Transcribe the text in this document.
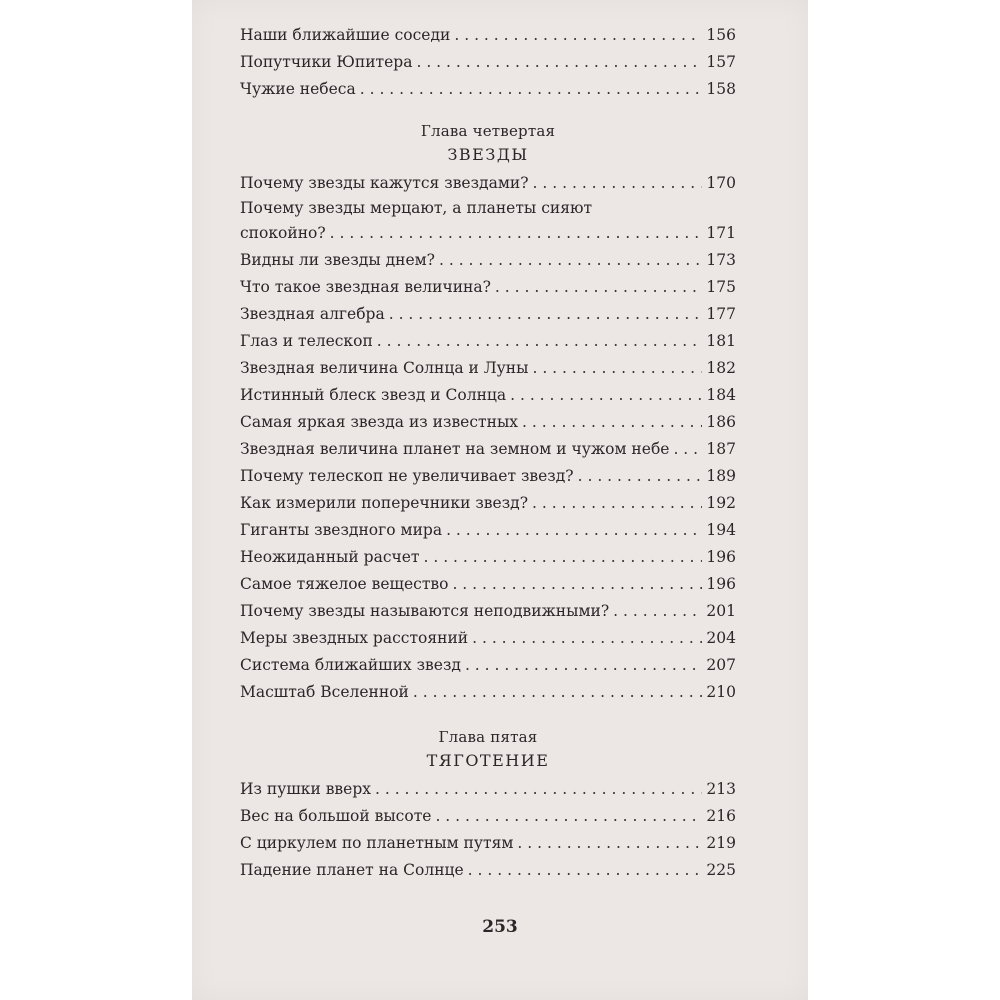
Наши ближайшие соседи . . .	156
Попутчики Юпитера . . .	157
Чужие небеса . . .	158
Глава четвертая
ЗВЕЗДЫ
Почему звезды кажутся звездами? . . .	170
Почему звезды мерцают, а планеты сияют
спокойно? . . .	171
Видны ли звезды днем? . . .	173
Что такое звездная величина? . . .	175
Звездная алгебра . . .	177
Глаз и телескоп . . .	181
Звездная величина Солнца и Луны . . .	182
Истинный блеск звезд и Солнца . . .	184
Самая яркая звезда из известных . . .	186
Звездная величина планет на земном и чужом небе . . . 187
Почему телескоп не увеличивает звезд? . . .	189
Как измерили поперечники звезд? . . .	192
Гиганты звездного мира . . .	194
Неожиданный расчет . . .	196
Самое тяжелое вещество . . .	196
Почему звезды называются неподвижными? . . .	201
Меры звездных расстояний . . .	204
Система ближайших звезд . . .	207
Масштаб Вселенной . . .	210
Глава пятая
ТЯГОТЕНИЕ
Из пушки вверх . . .	213
Вес на большой высоте . . .	216
С циркулем по планетным путям . . .	219
Падение планет на Солнце . . .	225
253
